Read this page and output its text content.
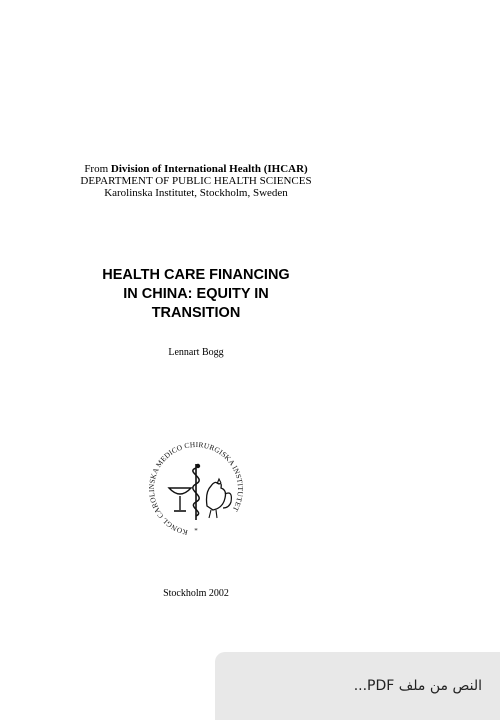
From Division of International Health (IHCAR)
DEPARTMENT OF PUBLIC HEALTH SCIENCES
Karolinska Institutet, Stockholm, Sweden
HEALTH CARE FINANCING
IN CHINA: EQUITY IN
TRANSITION
Lennart Bogg
KONGL CAROLINSKA MEDICO CHIRURGISKA INSTITUTET
*
Stockholm 2002
النص من ملف PDF...
